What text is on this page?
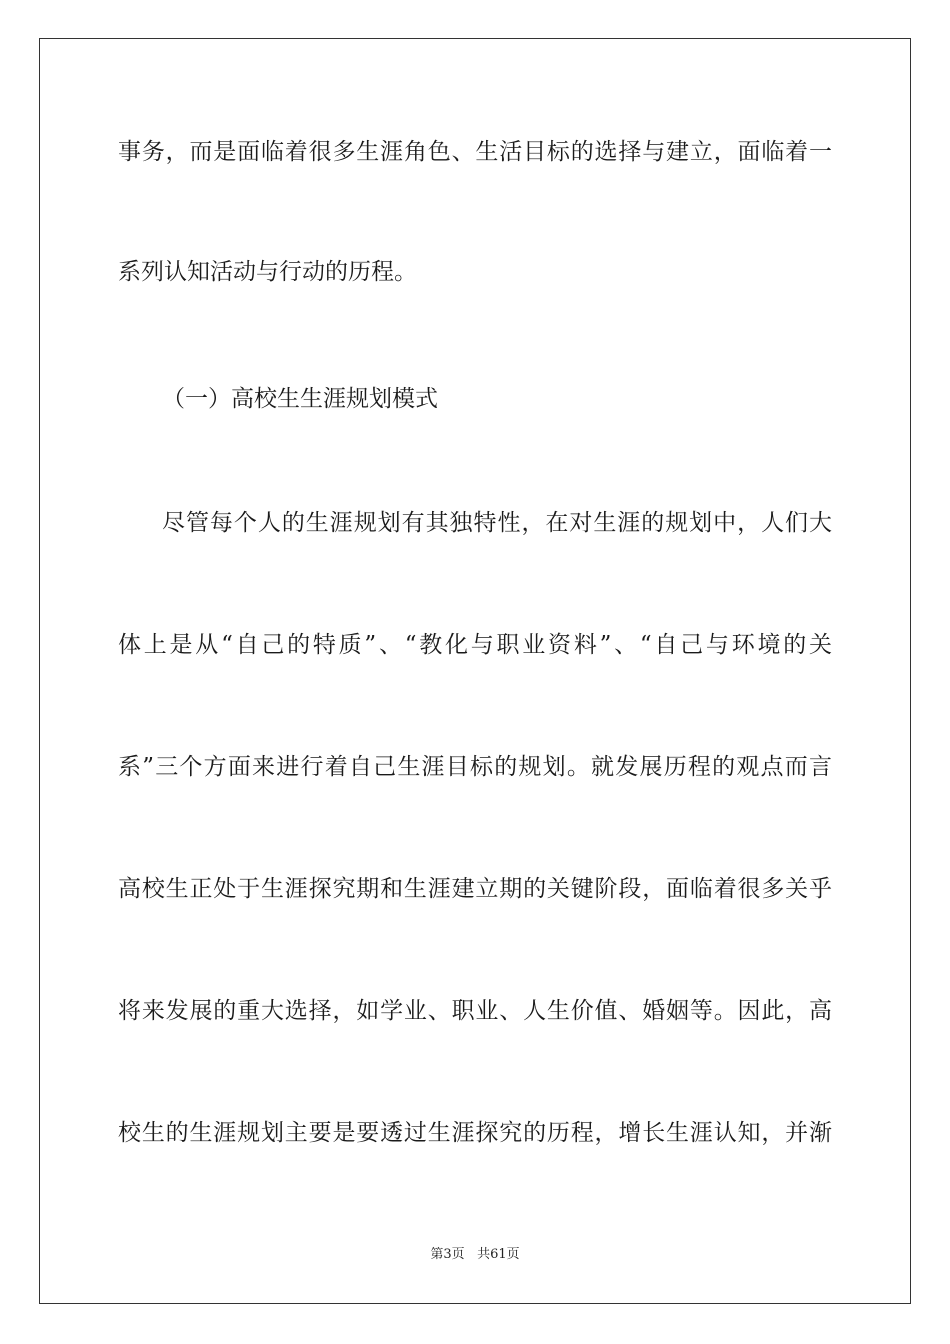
事务，而是面临着很多生涯角色、生活目标的选择与建立，面临着一
系列认知活动与行动的历程。
（一）高校生生涯规划模式
尽管每个人的生涯规划有其独特性，在对生涯的规划中，人们大
体上是从“自己的特质”、“教化与职业资料”、“自己与环境的关
系”三个方面来进行着自己生涯目标的规划。就发展历程的观点而言
高校生正处于生涯探究期和生涯建立期的关键阶段，面临着很多关乎
将来发展的重大选择，如学业、职业、人生价值、婚姻等。因此，高
校生的生涯规划主要是要透过生涯探究的历程，增长生涯认知，并渐
第3页 共61页
